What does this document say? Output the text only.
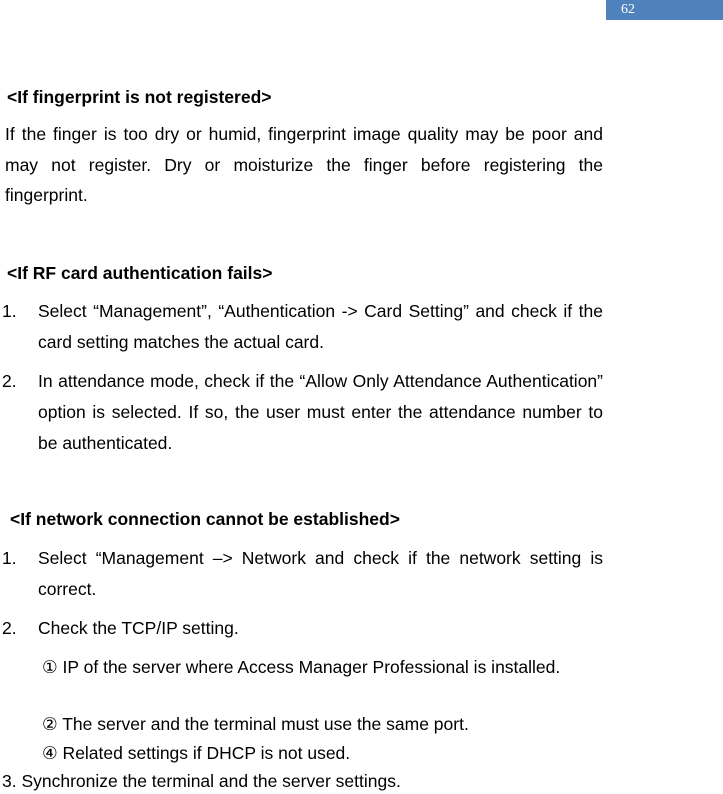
62
<If fingerprint is not registered>

If the finger is too dry or humid, fingerprint image quality may be poor and may not register. Dry or moisturize the finger before registering the fingerprint.

<If RF card authentication fails>
1. Select “Management”, “Authentication -> Card Setting” and check if the card setting matches the actual card.
2. In attendance mode, check if the “Allow Only Attendance Authentication” option is selected. If so, the user must enter the attendance number to be authenticated.
<If network connection cannot be established>
1. Select “Management –> Network and check if the network setting is correct.
2. Check the TCP/IP setting.
① IP of the server where Access Manager Professional is installed.
② The server and the terminal must use the same port.
④ Related settings if DHCP is not used.
3. Synchronize the terminal and the server settings.
